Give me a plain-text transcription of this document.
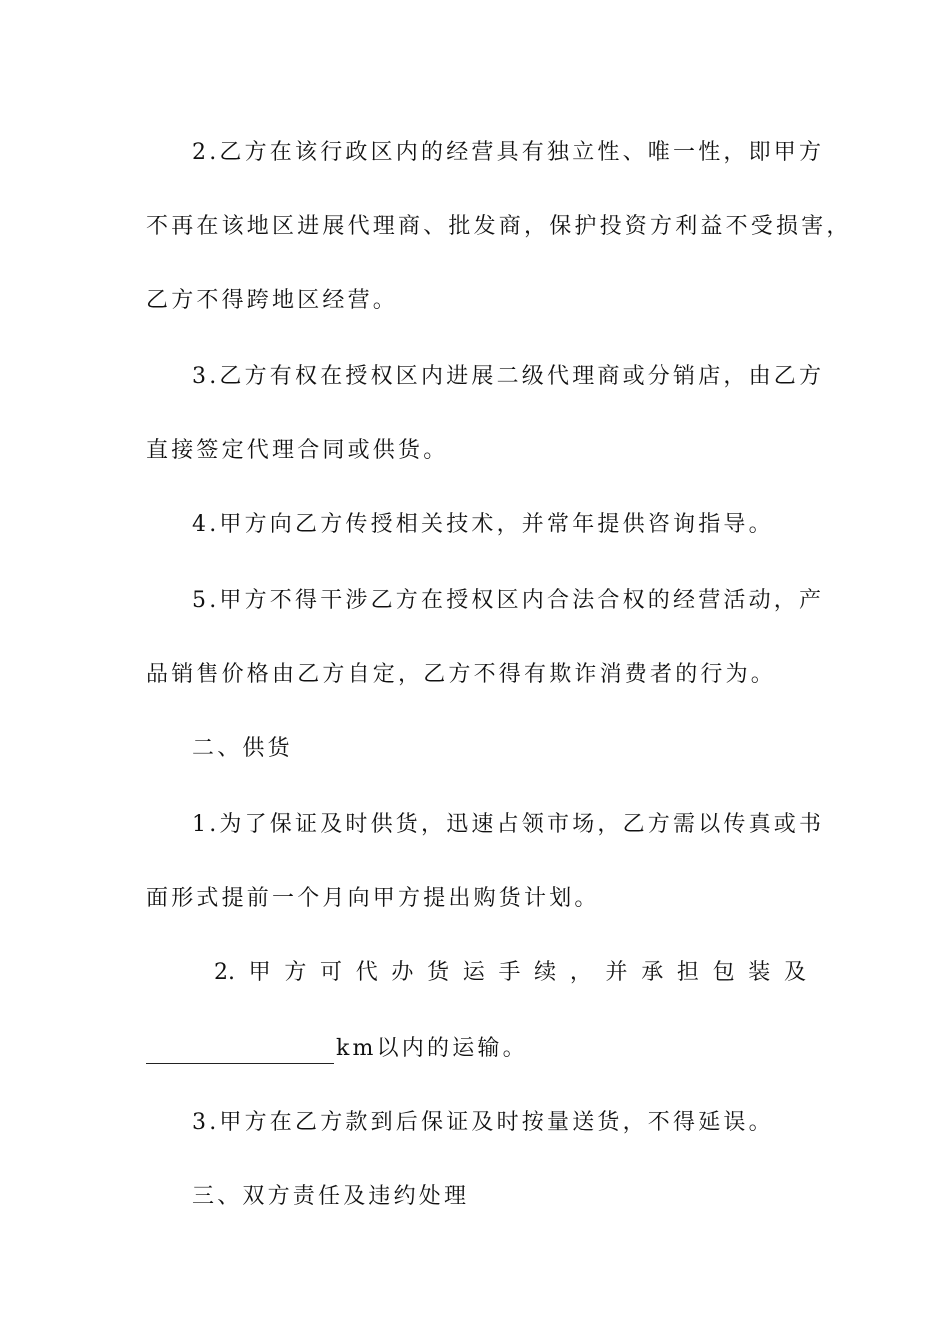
2.乙方在该行政区内的经营具有独立性、唯一性，即甲方
不再在该地区进展代理商、批发商，保护投资方利益不受损害，
乙方不得跨地区经营。
3.乙方有权在授权区内进展二级代理商或分销店，由乙方
直接签定代理合同或供货。
4.甲方向乙方传授相关技术，并常年提供咨询指导。
5.甲方不得干涉乙方在授权区内合法合权的经营活动，产
品销售价格由乙方自定，乙方不得有欺诈消费者的行为。
二、供货
1.为了保证及时供货，迅速占领市场，乙方需以传真或书
面形式提前一个月向甲方提出购货计划。
2. 甲 方 可 代 办 货 运 手 续 ， 并 承 担 包 装 及
km以内的运输。
3.甲方在乙方款到后保证及时按量送货，不得延误。
三、双方责任及违约处理
